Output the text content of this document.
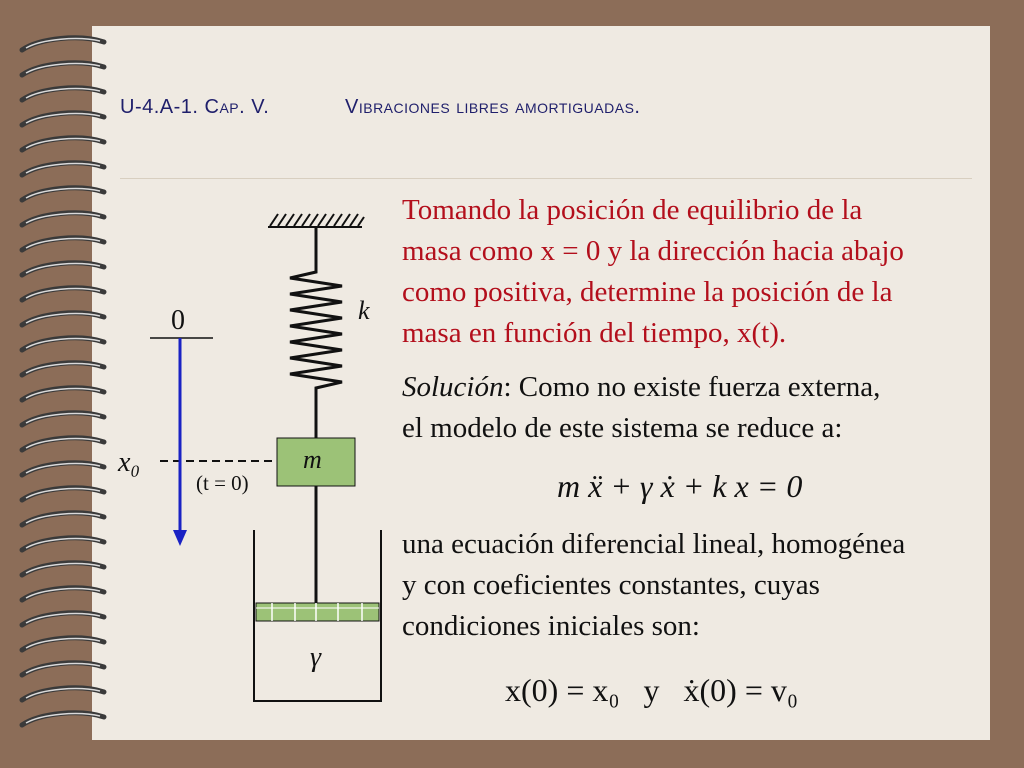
U-4.A-1. Cap. V.	Vibraciones libres amortiguadas.
k
m
γ
0
x₀
(t = 0)
Tomando la posición de equilibrio de la
masa como x = 0 y la dirección hacia abajo
como positiva, determine la posición de la
masa en función del tiempo, x(t).
Solución: Como no existe fuerza externa,
el modelo de este sistema se reduce a:
m ẍ + γ ẋ + k x = 0
una ecuación diferencial lineal, homogénea
y con coeficientes constantes, cuyas
condiciones iniciales son:
x(0) = x₀   y   ẋ(0) = v₀
